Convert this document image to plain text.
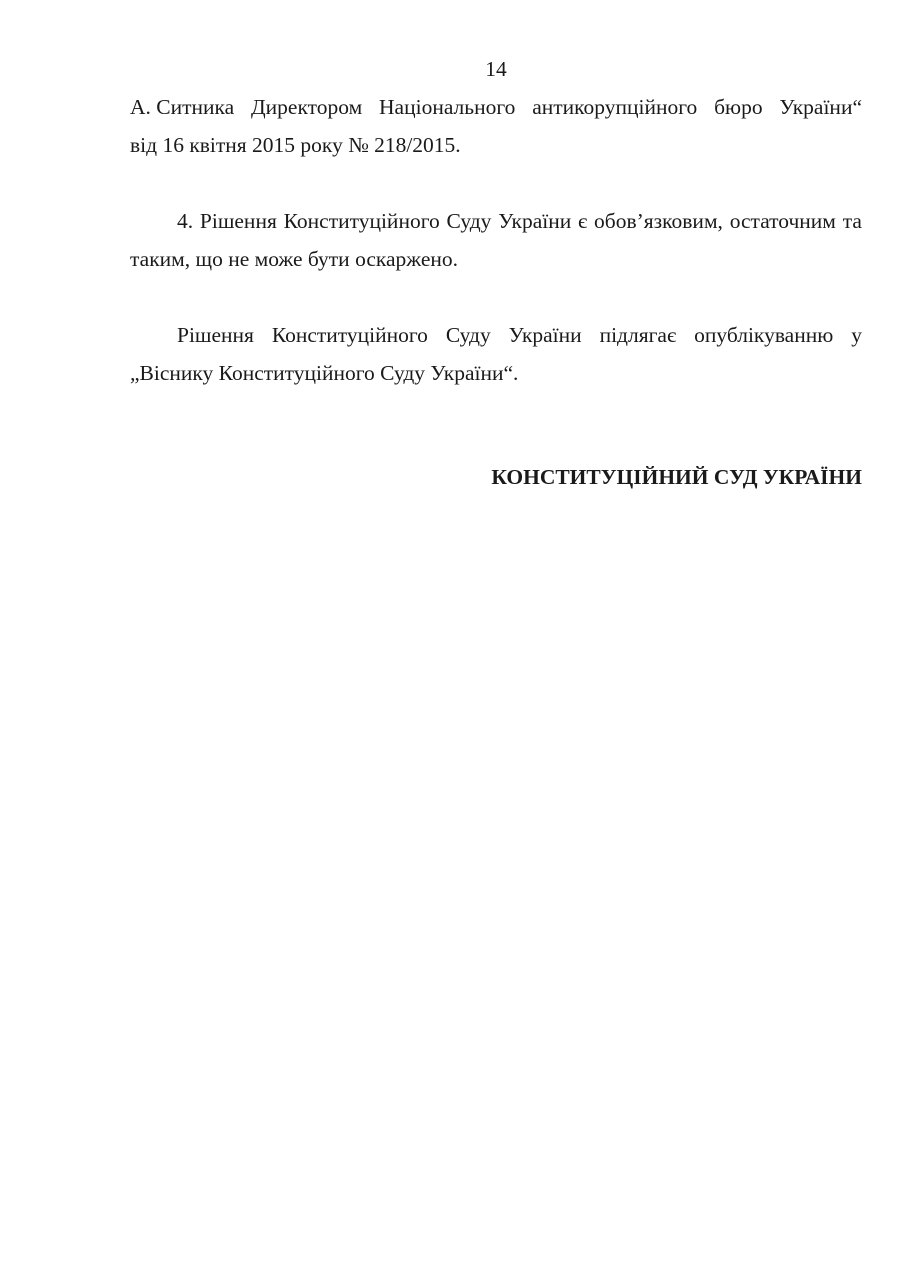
14

А. Ситника Директором Національного антикорупційного бюро України“
від 16 квітня 2015 року № 218/2015.

4. Рішення Конституційного Суду України є обов’язковим, остаточним та
таким, що не може бути оскаржено.

Рішення Конституційного Суду України підлягає опублікуванню у
„Віснику Конституційного Суду України“.

КОНСТИТУЦІЙНИЙ СУД УКРАЇНИ
